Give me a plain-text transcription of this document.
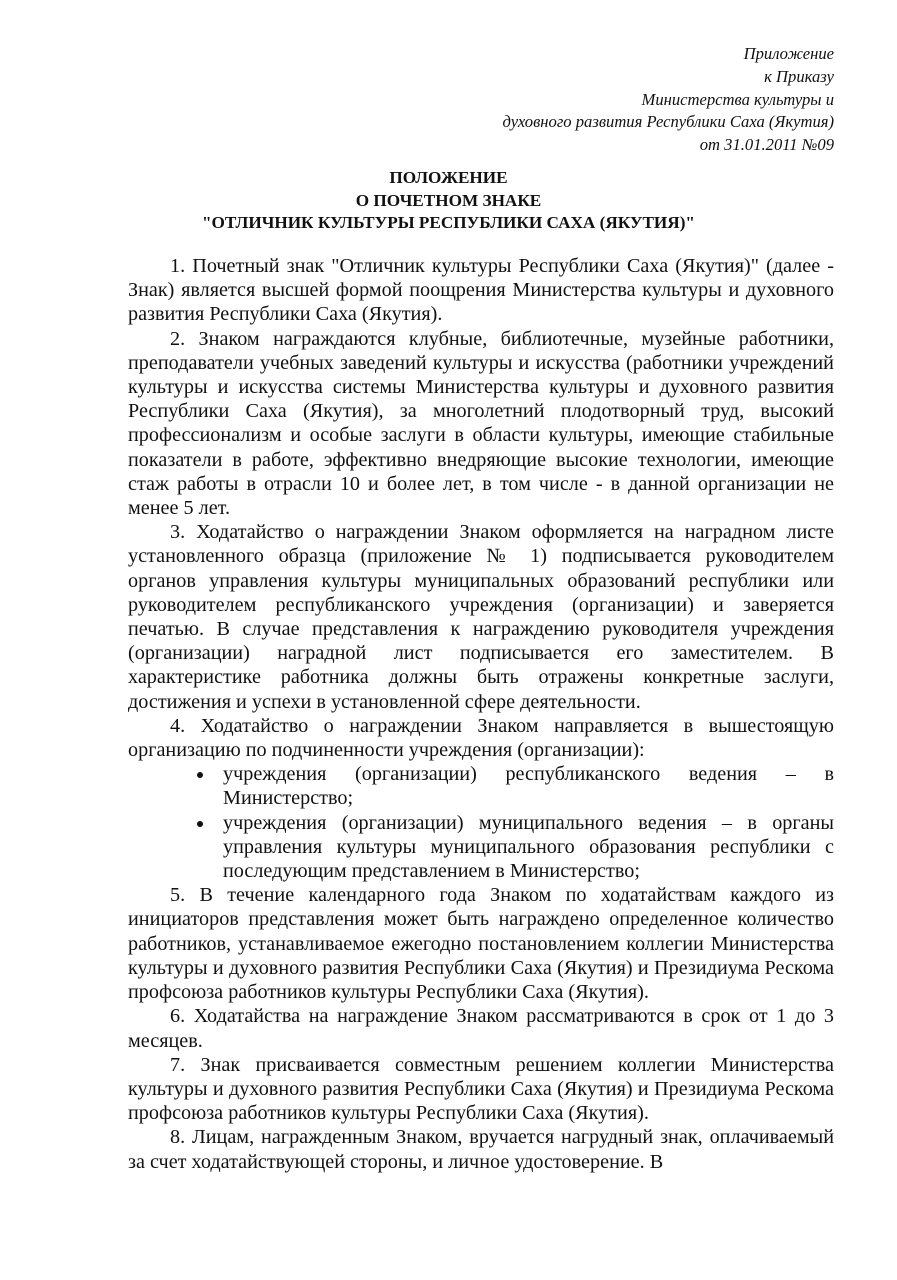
Приложение
к Приказу
Министерства культуры и
духовного развития Республики Саха (Якутия)
от 31.01.2011 №09
ПОЛОЖЕНИЕ
О ПОЧЕТНОМ ЗНАКЕ
"ОТЛИЧНИК КУЛЬТУРЫ РЕСПУБЛИКИ САХА (ЯКУТИЯ)"

1. Почетный знак "Отличник культуры Республики Саха (Якутия)" (далее - Знак) является высшей формой поощрения Министерства культуры и духовного развития Республики Саха (Якутия).

2. Знаком награждаются клубные, библиотечные, музейные работники, преподаватели учебных заведений культуры и искусства (работники учреждений культуры и искусства системы Министерства культуры и духовного развития Республики Саха (Якутия), за многолетний плодотворный труд, высокий профессионализм и особые заслуги в области культуры, имеющие стабильные показатели в работе, эффективно внедряющие высокие технологии, имеющие стаж работы в отрасли 10 и более лет, в том числе - в данной организации не менее 5 лет.

3. Ходатайство о награждении Знаком оформляется на наградном листе установленного образца (приложение № 1) подписывается руководителем органов управления культуры муниципальных образований республики или руководителем республиканского учреждения (организации) и заверяется печатью. В случае представления к награждению руководителя учреждения (организации) наградной лист подписывается его заместителем. В характеристике работника должны быть отражены конкретные заслуги, достижения и успехи в установленной сфере деятельности.

4. Ходатайство о награждении Знаком направляется в вышестоящую организацию по подчиненности учреждения (организации):

учреждения (организации) республиканского ведения – в Министерство;
учреждения (организации) муниципального ведения – в органы управления культуры муниципального образования республики с последующим представлением в Министерство;

5. В течение календарного года Знаком по ходатайствам каждого из инициаторов представления может быть награждено определенное количество работников, устанавливаемое ежегодно постановлением коллегии Министерства культуры и духовного развития Республики Саха (Якутия) и Президиума Рескома профсоюза работников культуры Республики Саха (Якутия).

6. Ходатайства на награждение Знаком рассматриваются в срок от 1 до 3 месяцев.

7. Знак присваивается совместным решением коллегии Министерства культуры и духовного развития Республики Саха (Якутия) и Президиума Рескома профсоюза работников культуры Республики Саха (Якутия).

8. Лицам, награжденным Знаком, вручается нагрудный знак, оплачиваемый за счет ходатайствующей стороны, и личное удостоверение. В
